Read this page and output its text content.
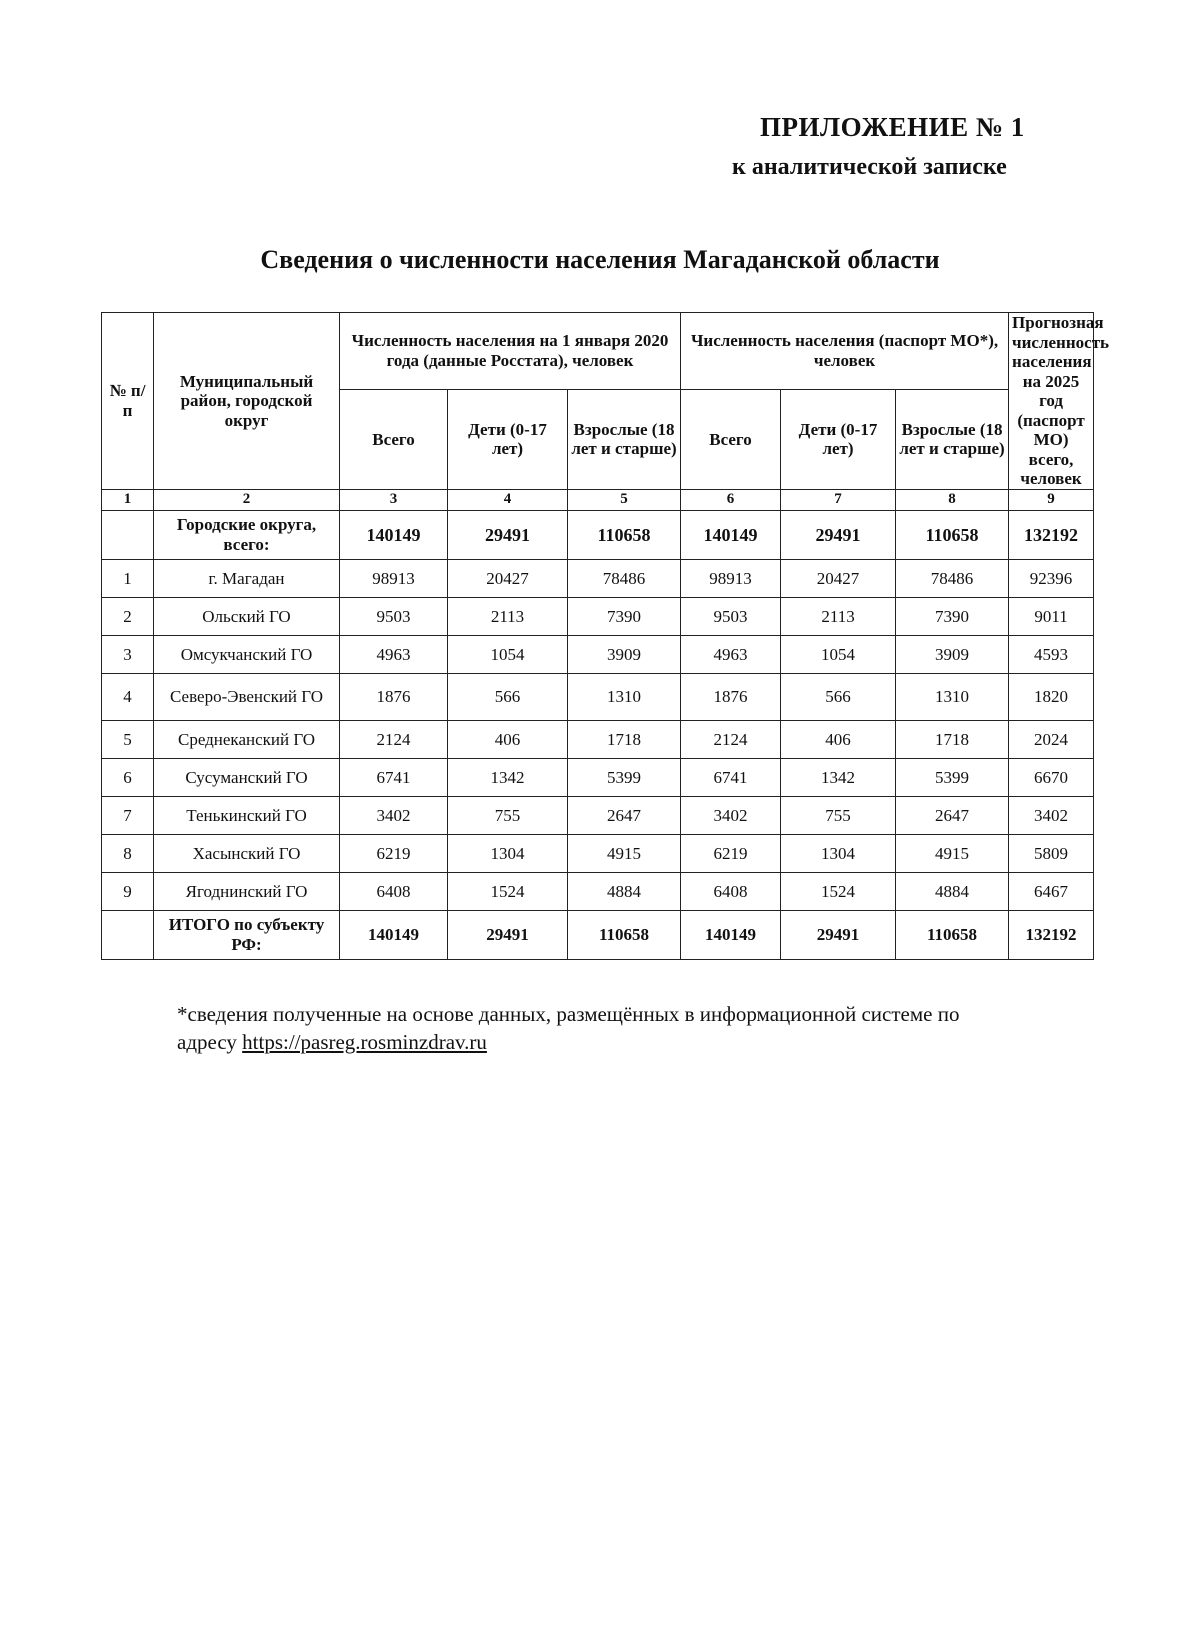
ПРИЛОЖЕНИЕ № 1
к аналитической записке
Сведения о численности населения Магаданской области
№ п/п	Муниципальный район, городской округ	Численность населения на 1 января 2020 года (данные Росстата), человек			Численность населения (паспорт МО*), человек			Прогнозная численность населения на 2025 год (паспорт МО) всего, человек
		Всего	Дети (0-17 лет)	Взрослые (18 лет и старше)	Всего	Дети (0-17 лет)	Взрослые (18 лет и старше)	
1	2	3	4	5	6	7	8	9
	Городские округа, всего:	140149	29491	110658	140149	29491	110658	132192
1	г. Магадан	98913	20427	78486	98913	20427	78486	92396
2	Ольский ГО	9503	2113	7390	9503	2113	7390	9011
3	Омсукчанский ГО	4963	1054	3909	4963	1054	3909	4593
4	Северо-Эвенский ГО	1876	566	1310	1876	566	1310	1820
5	Среднеканский ГО	2124	406	1718	2124	406	1718	2024
6	Сусуманский ГО	6741	1342	5399	6741	1342	5399	6670
7	Тенькинский ГО	3402	755	2647	3402	755	2647	3402
8	Хасынский ГО	6219	1304	4915	6219	1304	4915	5809
9	Ягоднинский ГО	6408	1524	4884	6408	1524	4884	6467
	ИТОГО по субъекту РФ:	140149	29491	110658	140149	29491	110658	132192
*сведения полученные на основе данных, размещённых в информационной системе по адресу https://pasreg.rosminzdrav.ru
